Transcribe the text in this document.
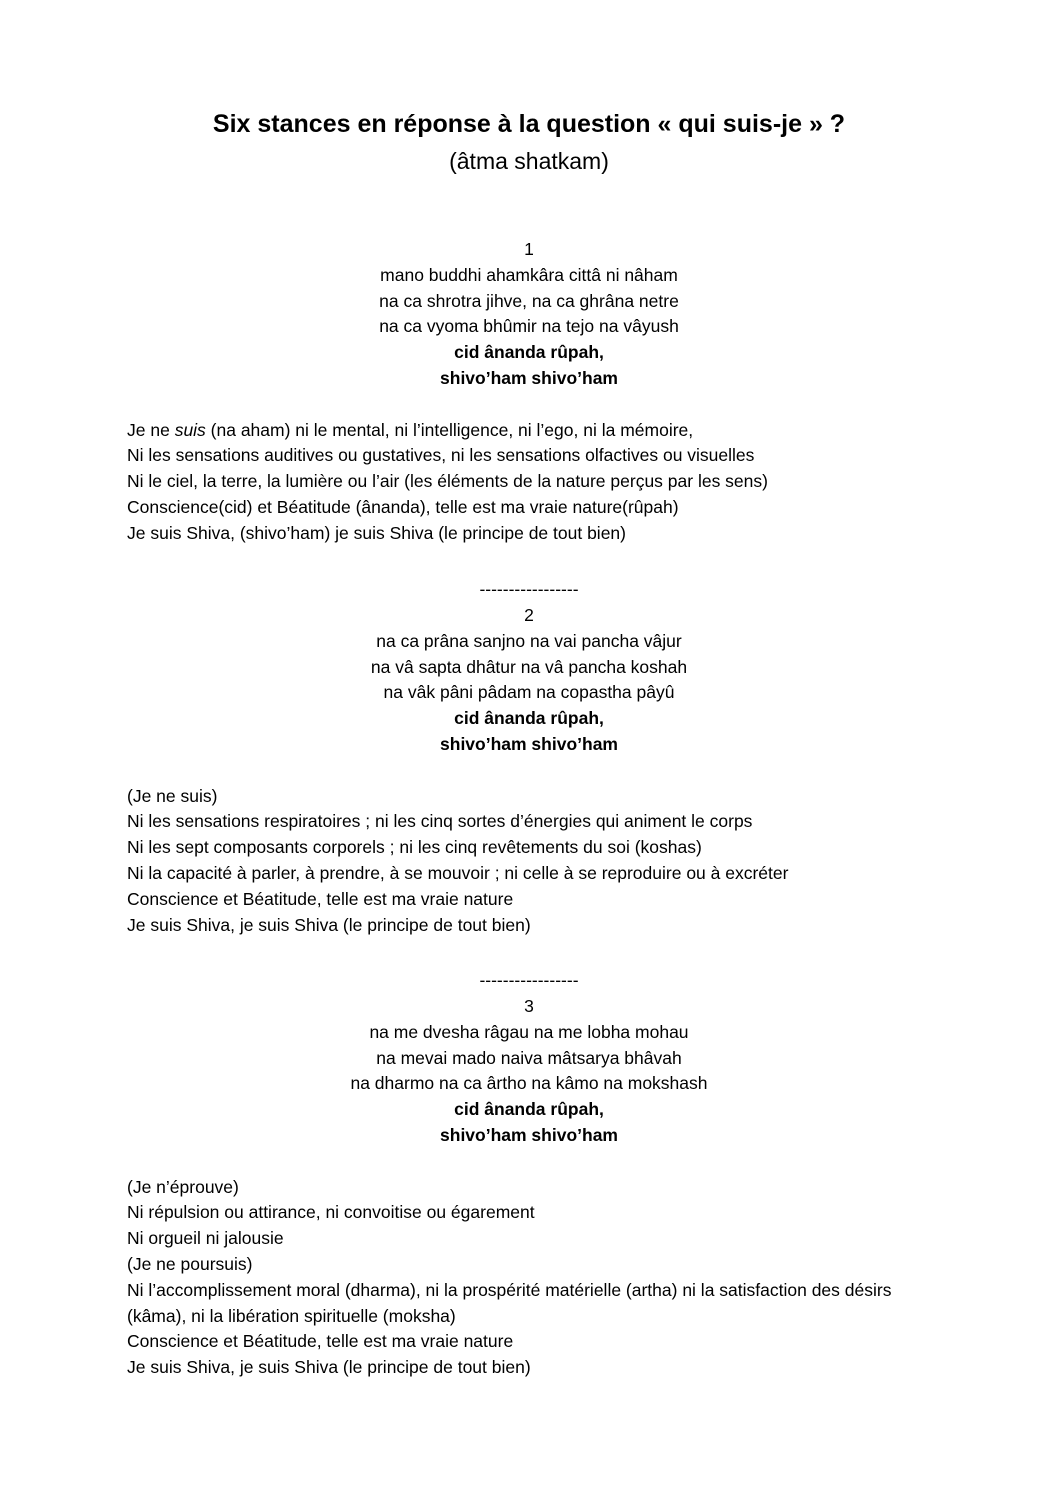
Six stances en réponse à la question « qui suis-je » ?
(âtma shatkam)
1
mano buddhi ahamkâra cittâ ni nâham
na ca shrotra jihve, na ca ghrâna netre
na ca vyoma bhûmir na tejo na vâyush
cid ânanda rûpah,
shivo’ham shivo’ham
Je ne suis (na aham) ni le mental, ni l’intelligence, ni l’ego, ni la mémoire,
Ni les sensations auditives ou gustatives, ni les sensations olfactives ou visuelles
Ni le ciel, la terre, la lumière ou l’air (les éléments de la nature perçus par les sens)
Conscience(cid) et Béatitude (ânanda), telle est ma vraie nature(rûpah)
Je suis Shiva, (shivo’ham) je suis Shiva (le principe de tout bien)
-----------------
2
na ca prâna sanjno na vai pancha vâjur
na vâ sapta dhâtur na vâ pancha koshah
na vâk pâni pâdam na copastha pâyû
cid ânanda rûpah,
shivo’ham shivo’ham
(Je ne suis)
Ni les sensations respiratoires ; ni les cinq sortes d’énergies qui animent le corps
Ni les sept composants corporels ; ni les cinq revêtements du soi (koshas)
Ni la capacité à parler, à prendre, à se mouvoir ; ni celle à se reproduire ou à excréter
Conscience et Béatitude, telle est ma vraie nature
Je suis Shiva, je suis Shiva (le principe de tout bien)
-----------------
3
na me dvesha râgau na me lobha mohau
na mevai mado naiva mâtsarya bhâvah
na dharmo na ca ârtho na kâmo na mokshash
cid ânanda rûpah,
shivo’ham shivo’ham
(Je n’éprouve)
Ni répulsion ou attirance, ni convoitise ou égarement
Ni orgueil ni jalousie
(Je ne poursuis)
Ni l’accomplissement moral (dharma), ni la prospérité matérielle (artha) ni la satisfaction des désirs (kâma), ni la libération spirituelle (moksha)
Conscience et Béatitude, telle est ma vraie nature
Je suis Shiva, je suis Shiva (le principe de tout bien)
